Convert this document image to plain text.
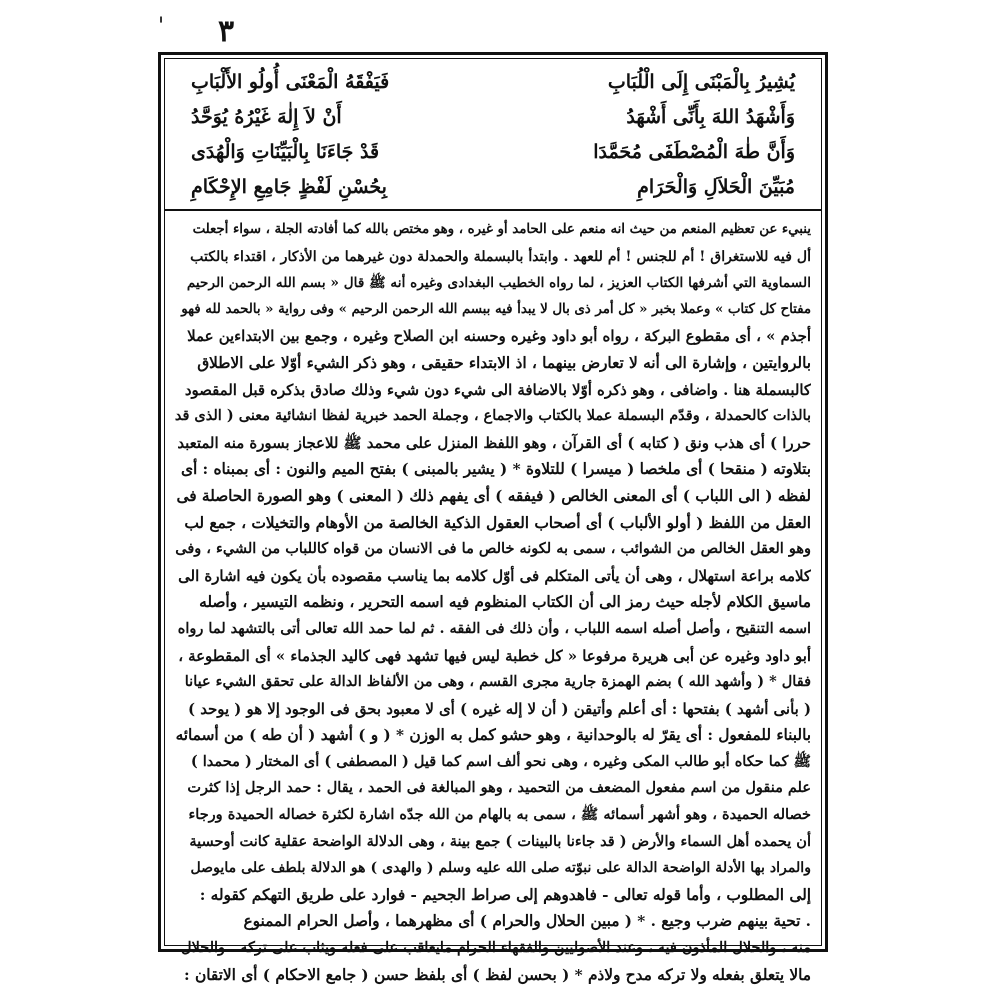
٣
'
يُشِيرُ بِالْمَبْنَى إِلَى الْلُبَابِ
فَيَفْقَهُ الْمَعْنَى أُولُو الأَلْبَابِ
وَأَشْهَدُ اللهَ بِأَنِّى أَشْهَدُ
أَنْ لاَ إِلٰهَ غَيْرُهُ يُوَحَّدُ
وَأَنَّ طٰهَ الْمُصْطَفَى مُحَمَّدَا
قَدْ جَاءَنَا بِالْبَيِّنَاتِ وَالْهُدَى
مُبَيِّنَ الْحَلاَلِ وَالْحَرَامِ
بِحُسْنِ لَفْظٍ جَامِعِ الإِحْكَامِ
ينبيء عن تعظيم المنعم من حيث انه منعم على الحامد أو غيره ، وهو مختص بالله كما أفادته الجلة ، سواء أجعلت
أل فيه للاستغراق ! أم للجنس ! أم للعهد . وابتدأ بالبسملة والحمدلة دون غيرهما من الأذكار ، اقتداء بالكتب
السماوية التي أشرفها الكتاب العزيز ، لما رواه الخطيب البغدادى وغيره أنه ﷺ قال « بسم الله الرحمن الرحيم
مفتاح كل كتاب » وعملا بخبر « كل أمر ذى بال لا يبدأ فيه ببسم الله الرحمن الرحيم » وفى رواية « بالحمد لله فهو
أجذم » ، أى مقطوع البركة ، رواه أبو داود وغيره وحسنه ابن الصلاح وغيره ، وجمع بين الابتداءين عملا
بالروايتين ، وإشارة الى أنه لا تعارض بينهما ، اذ الابتداء حقيقى ، وهو ذكر الشيء أوّلا على الاطلاق
كالبسملة هنا . واضافى ، وهو ذكره أوّلا بالاضافة الى شيء دون شيء وذلك صادق بذكره قبل المقصود
بالذات كالحمدلة ، وقدّم البسملة عملا بالكتاب والاجماع ، وجملة الحمد خبرية لفظا انشائية معنى ( الذى قد
حررا ) أى هذب ونق ( كتابه ) أى القرآن ، وهو اللفظ المنزل على محمد ﷺ للاعجاز بسورة منه المتعبد
بتلاوته ( منقحا ) أى ملخصا ( ميسرا ) للتلاوة * ( يشير بالمبنى ) بفتح الميم والنون : أى بمبناه : أى
لفظه ( الى اللباب ) أى المعنى الخالص ( فيفقه ) أى يفهم ذلك ( المعنى ) وهو الصورة الحاصلة فى
العقل من اللفظ ( أولو الألباب ) أى أصحاب العقول الذكية الخالصة من الأوهام والتخيلات ، جمع لب
وهو العقل الخالص من الشوائب ، سمى به لكونه خالص ما فى الانسان من قواه كاللباب من الشيء ، وفى
كلامه براعة استهلال ، وهى أن يأتى المتكلم فى أوّل كلامه بما يناسب مقصوده بأن يكون فيه اشارة الى
ماسيق الكلام لأجله حيث رمز الى أن الكتاب المنظوم فيه اسمه التحرير ، ونظمه التيسير ، وأصله
اسمه التنقيح ، وأصل أصله اسمه اللباب ، وأن ذلك فى الفقه . ثم لما حمد الله تعالى أتى بالتشهد لما رواه
أبو داود وغيره عن أبى هريرة مرفوعا « كل خطبة ليس فيها تشهد فهى كاليد الجذماء » أى المقطوعة ،
فقال * ( وأشهد الله ) بضم الهمزة جارية مجرى القسم ، وهى من الألفاظ الدالة على تحقق الشيء عيانا
( بأنى أشهد ) بفتحها : أى أعلم وأتيقن ( أن لا إله غيره ) أى لا معبود بحق فى الوجود إلا هو ( يوحد )
بالبناء للمفعول : أى يقرّ له بالوحدانية ، وهو حشو كمل به الوزن * ( و ) أشهد ( أن طه ) من أسمائه
ﷺ كما حكاه أبو طالب المكى وغيره ، وهى نحو ألف اسم كما قيل ( المصطفى ) أى المختار ( محمدا )
علم منقول من اسم مفعول المضعف من التحميد ، وهو المبالغة فى الحمد ، يقال : حمد الرجل إذا كثرت
خصاله الحميدة ، وهو أشهر أسمائه ﷺ ، سمى به بالهام من الله جدّه اشارة لكثرة خصاله الحميدة ورجاء
أن يحمده أهل السماء والأرض ( قد جاءنا بالبينات ) جمع بينة ، وهى الدلالة الواضحة عقلية كانت أوحسية
والمراد بها الأدلة الواضحة الدالة على نبوّته صلى الله عليه وسلم ( والهدى ) هو الدلالة بلطف على مايوصل
إلى المطلوب ، وأما قوله تعالى - فاهدوهم إلى صراط الجحيم - فوارد على طريق التهكم كقوله :
. تحية بينهم ضرب وجيع . * ( مبين الحلال والحرام ) أى مظهرهما ، وأصل الحرام الممنوع
منه ، والحلال المأذون فيه ، وعند الأصوليين والفقهاء الحرام مايعاقب على فعله ويثاب على تركه . والحلال
مالا يتعلق بفعله ولا تركه مدح ولاذم * ( بحسن لفظ ) أى بلفظ حسن ( جامع الاحكام ) أى الاتقان :
